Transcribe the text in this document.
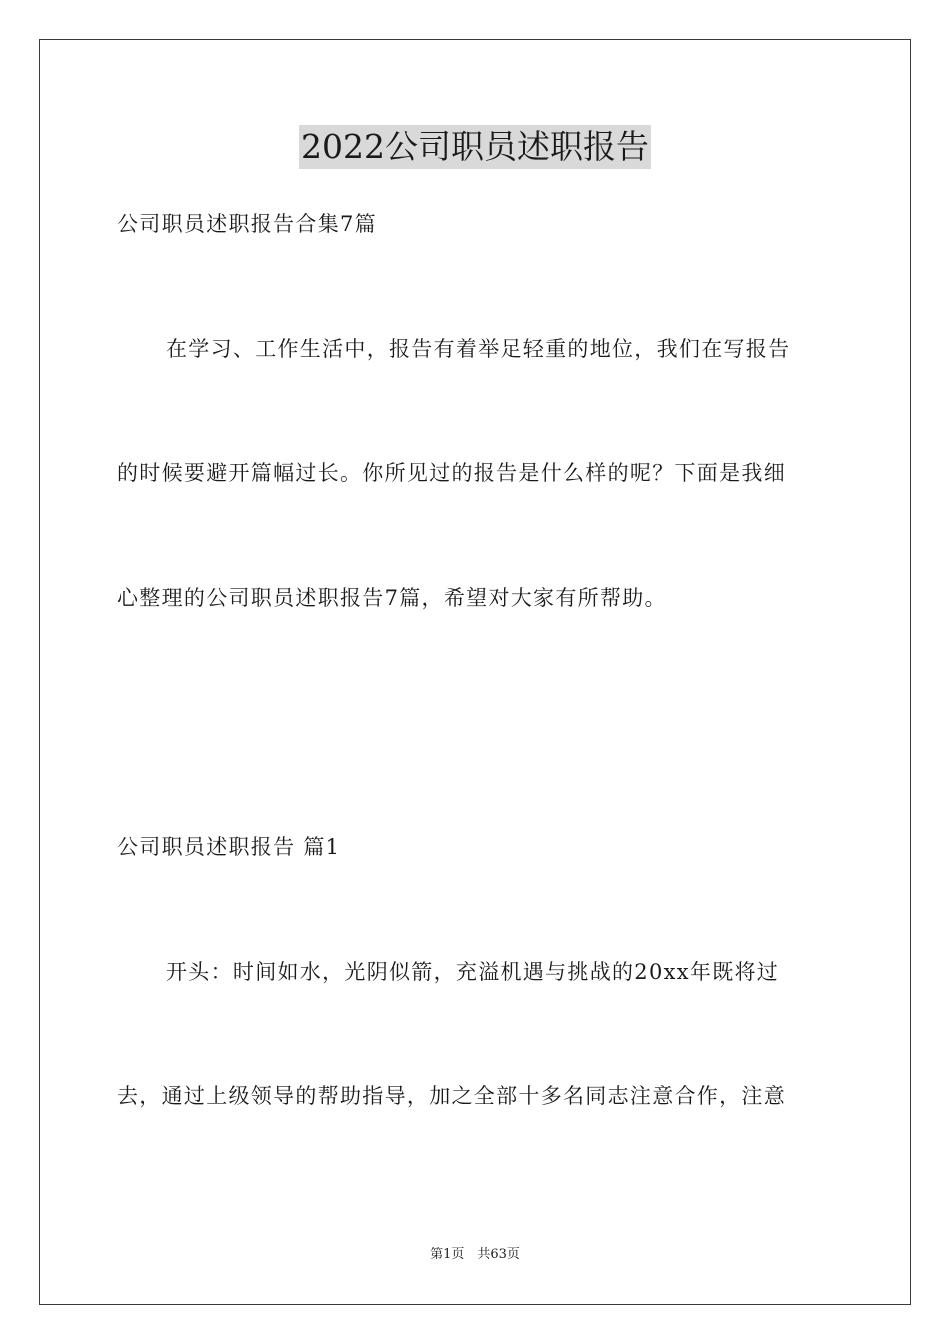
2022公司职员述职报告
公司职员述职报告合集7篇
在学习、工作生活中，报告有着举足轻重的地位，我们在写报告
的时候要避开篇幅过长。你所见过的报告是什么样的呢？下面是我细
心整理的公司职员述职报告7篇，希望对大家有所帮助。
公司职员述职报告 篇1
开头：时间如水，光阴似箭，充溢机遇与挑战的20xx年既将过
去，通过上级领导的帮助指导，加之全部十多名同志注意合作，注意
第1页　共63页
